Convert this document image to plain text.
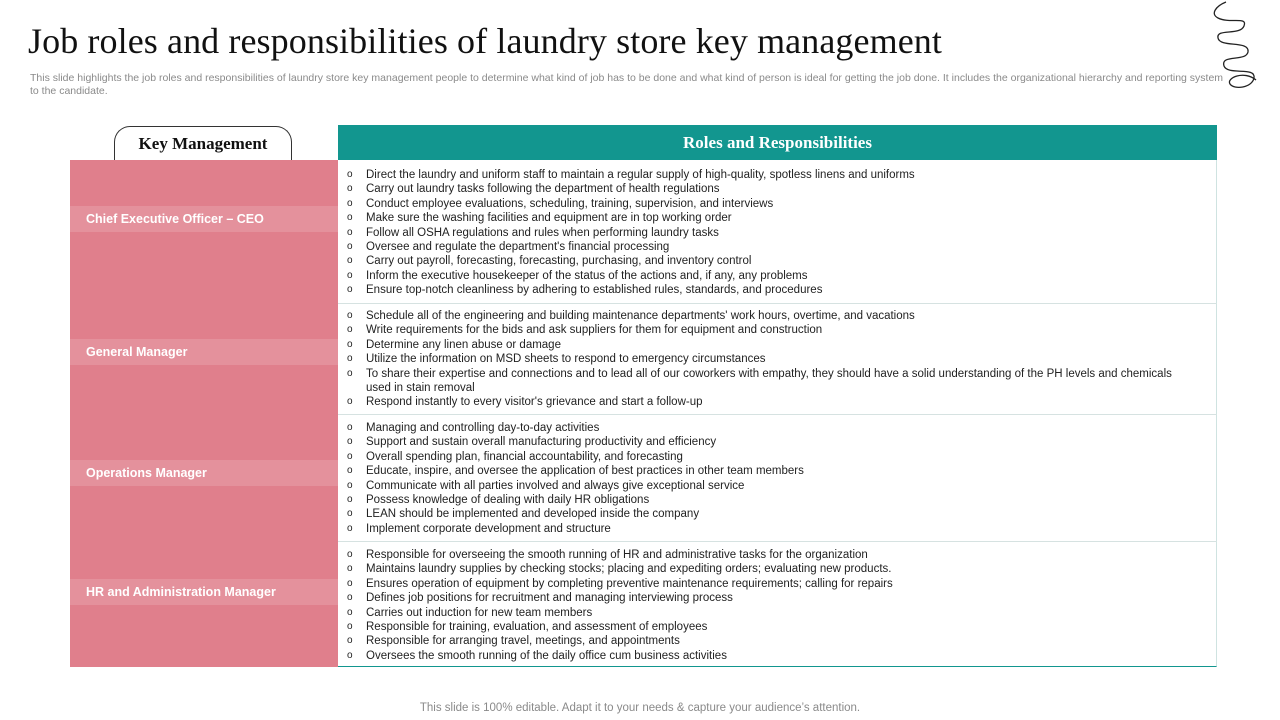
Job roles and responsibilities of laundry store key management

This slide highlights the job roles and responsibilities of laundry store key management people to determine what kind of job has to be done and what kind of person is ideal for getting the job done. It includes the organizational hierarchy and reporting system to the candidate.

Key Management	Roles and Responsibilities
Chief Executive Officer – CEO
General Manager
Operations Manager
HR and Administration Manager
o Direct the laundry and uniform staff to maintain a regular supply of high-quality, spotless linens and uniforms
o Carry out laundry tasks following the department of health regulations
o Conduct employee evaluations, scheduling, training, supervision, and interviews
o Make sure the washing facilities and equipment are in top working order
o Follow all OSHA regulations and rules when performing laundry tasks
o Oversee and regulate the department's financial processing
o Carry out payroll, forecasting, forecasting, purchasing, and inventory control
o Inform the executive housekeeper of the status of the actions and, if any, any problems
o Ensure top-notch cleanliness by adhering to established rules, standards, and procedures
o Schedule all of the engineering and building maintenance departments' work hours, overtime, and vacations
o Write requirements for the bids and ask suppliers for them for equipment and construction
o Determine any linen abuse or damage
o Utilize the information on MSD sheets to respond to emergency circumstances
o To share their expertise and connections and to lead all of our coworkers with empathy, they should have a solid understanding of the PH levels and chemicals used in stain removal
o Respond instantly to every visitor's grievance and start a follow-up
o Managing and controlling day-to-day activities
o Support and sustain overall manufacturing productivity and efficiency
o Overall spending plan, financial accountability, and forecasting
o Educate, inspire, and oversee the application of best practices in other team members
o Communicate with all parties involved and always give exceptional service
o Possess knowledge of dealing with daily HR obligations
o LEAN should be implemented and developed inside the company
o Implement corporate development and structure
o Responsible for overseeing the smooth running of HR and administrative tasks for the organization
o Maintains laundry supplies by checking stocks; placing and expediting orders; evaluating new products.
o Ensures operation of equipment by completing preventive maintenance requirements; calling for repairs
o Defines job positions for recruitment and managing interviewing process
o Carries out induction for new team members
o Responsible for training, evaluation, and assessment of employees
o Responsible for arranging travel, meetings, and appointments
o Oversees the smooth running of the daily office cum business activities
This slide is 100% editable. Adapt it to your needs & capture your audience’s attention.
